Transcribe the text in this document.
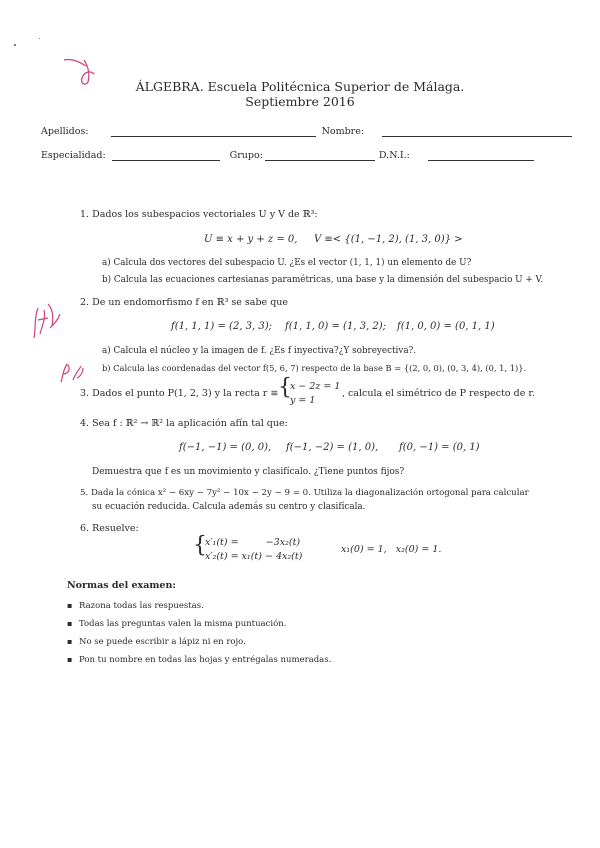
ÁLGEBRA. Escuela Politécnica Superior de Málaga.
Septiembre 2016
Apellidos:	Nombre:
Especialidad:	Grupo:	D.N.I.:
1. Dados los subespacios vectoriales U y V de ℝ³:
U ≡ x + y + z = 0, V ≡< {(1, −1, 2), (1, 3, 0)} >
a) Calcula dos vectores del subespacio U. ¿Es el vector (1, 1, 1) un elemento de U?
b) Calcula las ecuaciones cartesianas paramétricas, una base y la dimensión del subespacio U + V.
2. De un endomorfismo f en ℝ³ se sabe que
f(1, 1, 1) = (2, 3, 3); f(1, 1, 0) = (1, 3, 2); f(1, 0, 0) = (0, 1, 1)
a) Calcula el núcleo y la imagen de f. ¿Es f inyectiva?¿Y sobreyectiva?.
b) Calcula las coordenadas del vector f(5, 6, 7) respecto de la base B = {(2, 0, 0), (0, 3, 4), (0, 1, 1)}.
3. Dados el punto P(1, 2, 3) y la recta r ≡ {
x − 2z = 1
y = 1
, calcula el simétrico de P respecto de r.
4. Sea f : ℝ² → ℝ² la aplicación afín tal que:
f(−1, −1) = (0, 0), f(−1, −2) = (1, 0), f(0, −1) = (0, 1)
Demuestra que f es un movimiento y clasifícalo. ¿Tiene puntos fijos?
5. Dada la cónica x² − 6xy − 7y² − 10x − 2y − 9 = 0. Utiliza la diagonalización ortogonal para calcular
su ecuación reducida. Calcula además su centro y clasifícala.
6. Resuelve:
{
x′₁(t) =         −3x₂(t)
x′₂(t) = x₁(t) − 4x₂(t)
x₁(0) = 1,   x₂(0) = 1.
Normas del examen:
▪ Razona todas las respuestas.
▪ Todas las preguntas valen la misma puntuación.
▪ No se puede escribir a lápiz ni en rojo.
▪ Pon tu nombre en todas las hojas y entrégalas numeradas.
